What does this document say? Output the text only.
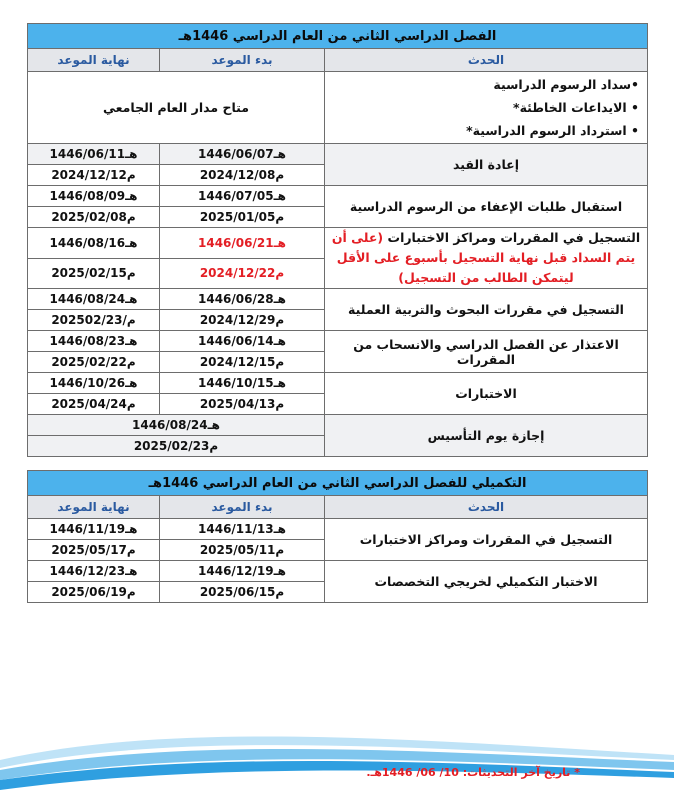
الفصل الدراسي الثاني من العام الدراسي 1446هـ		
الحدث	بدء الموعد	نهاية الموعد

•سداد الرسوم الدراسية
• الايداعات الخاطئة*
• استرداد الرسوم الدراسية*	متاح مدار العام الجامعي	
إعادة القيد	1446/06/07هـ	1446/06/11هـ
	2024/12/08م	2024/12/12م
استقبال طلبات الإعفاء من الرسوم الدراسية	1446/07/05هـ	1446/08/09هـ
	2025/01/05م	2025/02/08م
التسجيل في المقررات ومراكز الاختبارات (على أن يتم السداد قبل نهاية التسجيل بأسبوع على الأقل ليتمكن الطالب من التسجيل)	1446/06/21هـ	1446/08/16هـ
	2024/12/22م	2025/02/15م
التسجيل في مقررات البحوث والتربية العملية	1446/06/28هـ	1446/08/24هـ
	2024/12/29م	2025م/02/23
الاعتذار عن الفصل الدراسي والانسحاب من المقررات	1446/06/14هـ	1446/08/23هـ
	2024/12/15م	2025/02/22م
الاختبارات	1446/10/15هـ	1446/10/26هـ
	2025/04/13م	2025/04/24م
إجازة يوم التأسيس	1446/08/24هـ	
	2025/02/23م	
التكميلي للفصل الدراسي الثاني من العام الدراسي 1446هـ		
الحدث	بدء الموعد	نهاية الموعد
التسجيل في المقررات ومراكز الاختبارات	1446/11/13هـ	1446/11/19هـ
	2025/05/11م	2025/05/17م
الاختبار التكميلي لخريجي التخصصات	1446/12/19هـ	1446/12/23هـ
	2025/06/15م	2025/06/19م
* تاريخ آخر التحديثات: 10/ 06/ 1446هـ.
